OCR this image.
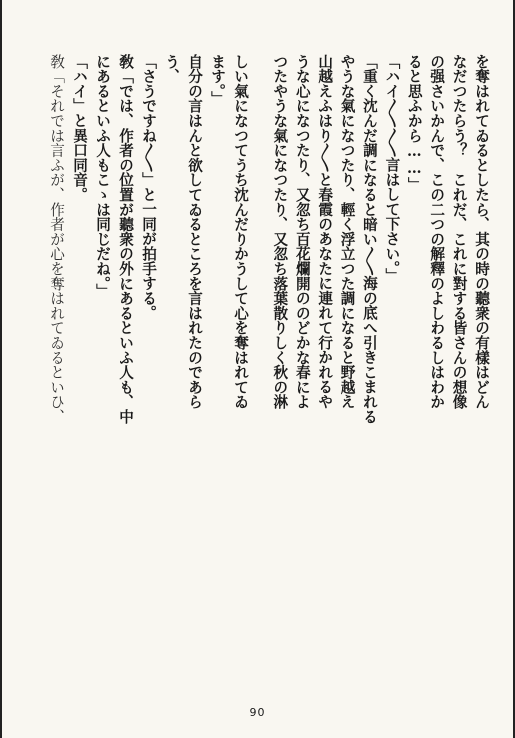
を奪はれてゐるとしたら、其の時の聽衆の有樣はどん
なだつたらう？　これだ、これに對する皆さんの想像
の强さいかんで、この二つの解釋のよしわるしはわか
ると思ふから……」
「ハイ〳〵〳〵言はして下さい。」
「重く沈んだ調になると暗い〳〵海の底へ引きこまれる
やうな氣になつたり、輕く浮立つた調になると野越え
山越えふはり〳〵と春霞のあなたに連れて行かれるや
うな心になつたり、又忽ち百花爛開ののどかな春によ
つたやうな氣になつたり、又忽ち落葉散りしく秋の淋
しい氣になつてうち沈んだりかうして心を奪はれてゐ
ます。」
自分の言はんと欲してゐるところを言はれたのであら
う、
「さうですね〳〵」と一同が拍手する。
敎「では、作者の位置が聽衆の外にあるといふ人も、中
にあるといふ人もこゝは同じだね。」
「ハイ」と異口同音。
敎「それでは言ふが、作者が心を奪はれてゐるといひ、
90
